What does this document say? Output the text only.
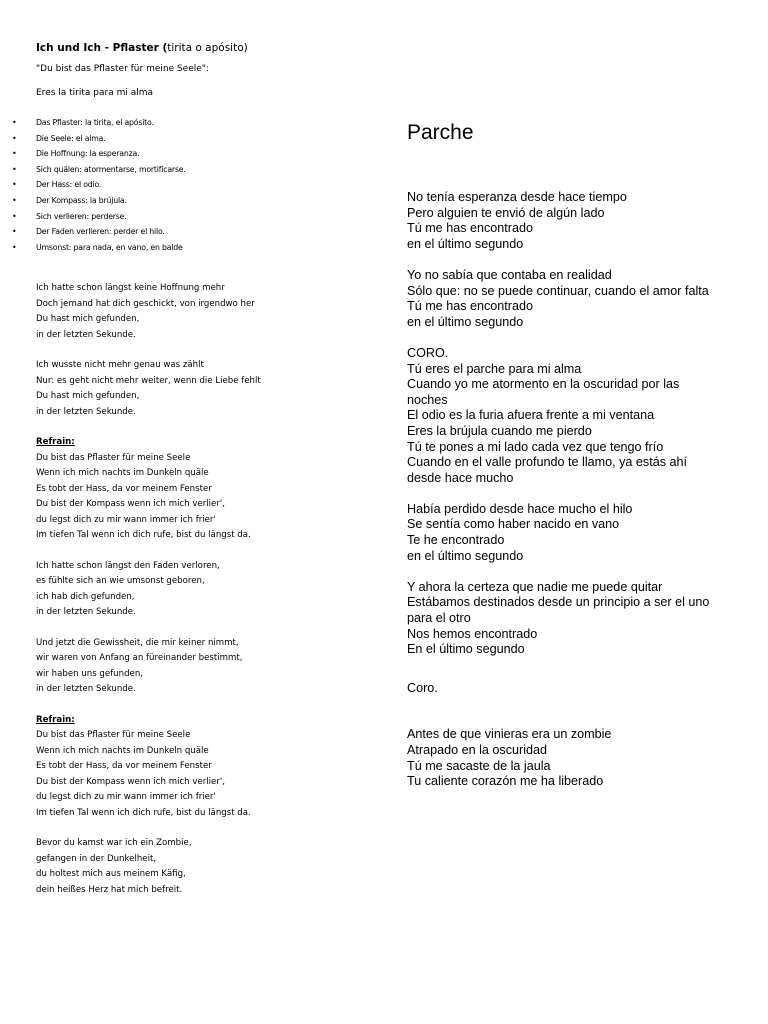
Ich und Ich - Pflaster (tirita o apósito)

"Du bist das Pflaster für meine Seele":

Eres la tirita para mi alma

• Das Pflaster: la tirita, el apósito.
• Die Seele: el alma.
• Die Hoffnung: la esperanza.
• Sich quälen: atormentarse, mortificarse.
• Der Hass: el odio.
• Der Kompass: la brújula.
• Sich verlieren: perderse.
• Der Faden verlieren: perder el hilo.
• Umsonst: para nada, en vano, en balde
Ich hatte schon längst keine Hoffnung mehr
Doch jemand hat dich geschickt, von irgendwo her
Du hast mich gefunden,
in der letzten Sekunde.
Ich wusste nicht mehr genau was zählt
Nur: es geht nicht mehr weiter, wenn die Liebe fehlt
Du hast mich gefunden,
in der letzten Sekunde.
Refrain:
Du bist das Pflaster für meine Seele
Wenn ich mich nachts im Dunkeln quäle
Es tobt der Hass, da vor meinem Fenster
Du bist der Kompass wenn ich mich verlier',
du legst dich zu mir wann immer ich frier'
Im tiefen Tal wenn ich dich rufe, bist du längst da.
Ich hatte schon längst den Faden verloren,
es fühlte sich an wie umsonst geboren,
ich hab dich gefunden,
in der letzten Sekunde.
Und jetzt die Gewissheit, die mir keiner nimmt,
wir waren von Anfang an füreinander bestimmt,
wir haben uns gefunden,
in der letzten Sekunde.
Refrain:
Du bist das Pflaster für meine Seele
Wenn ich mich nachts im Dunkeln quäle
Es tobt der Hass, da vor meinem Fenster
Du bist der Kompass wenn ich mich verlier',
du legst dich zu mir wann immer ich frier'
Im tiefen Tal wenn ich dich rufe, bist du längst da.
Bevor du kamst war ich ein Zombie,
gefangen in der Dunkelheit,
du holtest mich aus meinem Käfig,
dein heißes Herz hat mich befreit.
Parche
No tenía esperanza desde hace tiempo
Pero alguien te envió de algún lado
Tú me has encontrado
en el último segundo
Yo no sabía que contaba en realidad
Sólo que: no se puede continuar, cuando el amor falta
Tú me has encontrado
en el último segundo
CORO.
Tú eres el parche para mi alma
Cuando yo me atormento en la oscuridad por las
noches
El odio es la furia afuera frente a mi ventana
Eres la brújula cuando me pierdo
Tú te pones a mi lado cada vez que tengo frío
Cuando en el valle profundo te llamo, ya estás ahí
desde hace mucho
Había perdido desde hace mucho el hilo
Se sentía como haber nacido en vano
Te he encontrado
en el último segundo
Y ahora la certeza que nadie me puede quitar
Estábamos destinados desde un principio a ser el uno
para el otro
Nos hemos encontrado
En el último segundo
Coro.
Antes de que vinieras era un zombie
Atrapado en la oscuridad
Tú me sacaste de la jaula
Tu caliente corazón me ha liberado
